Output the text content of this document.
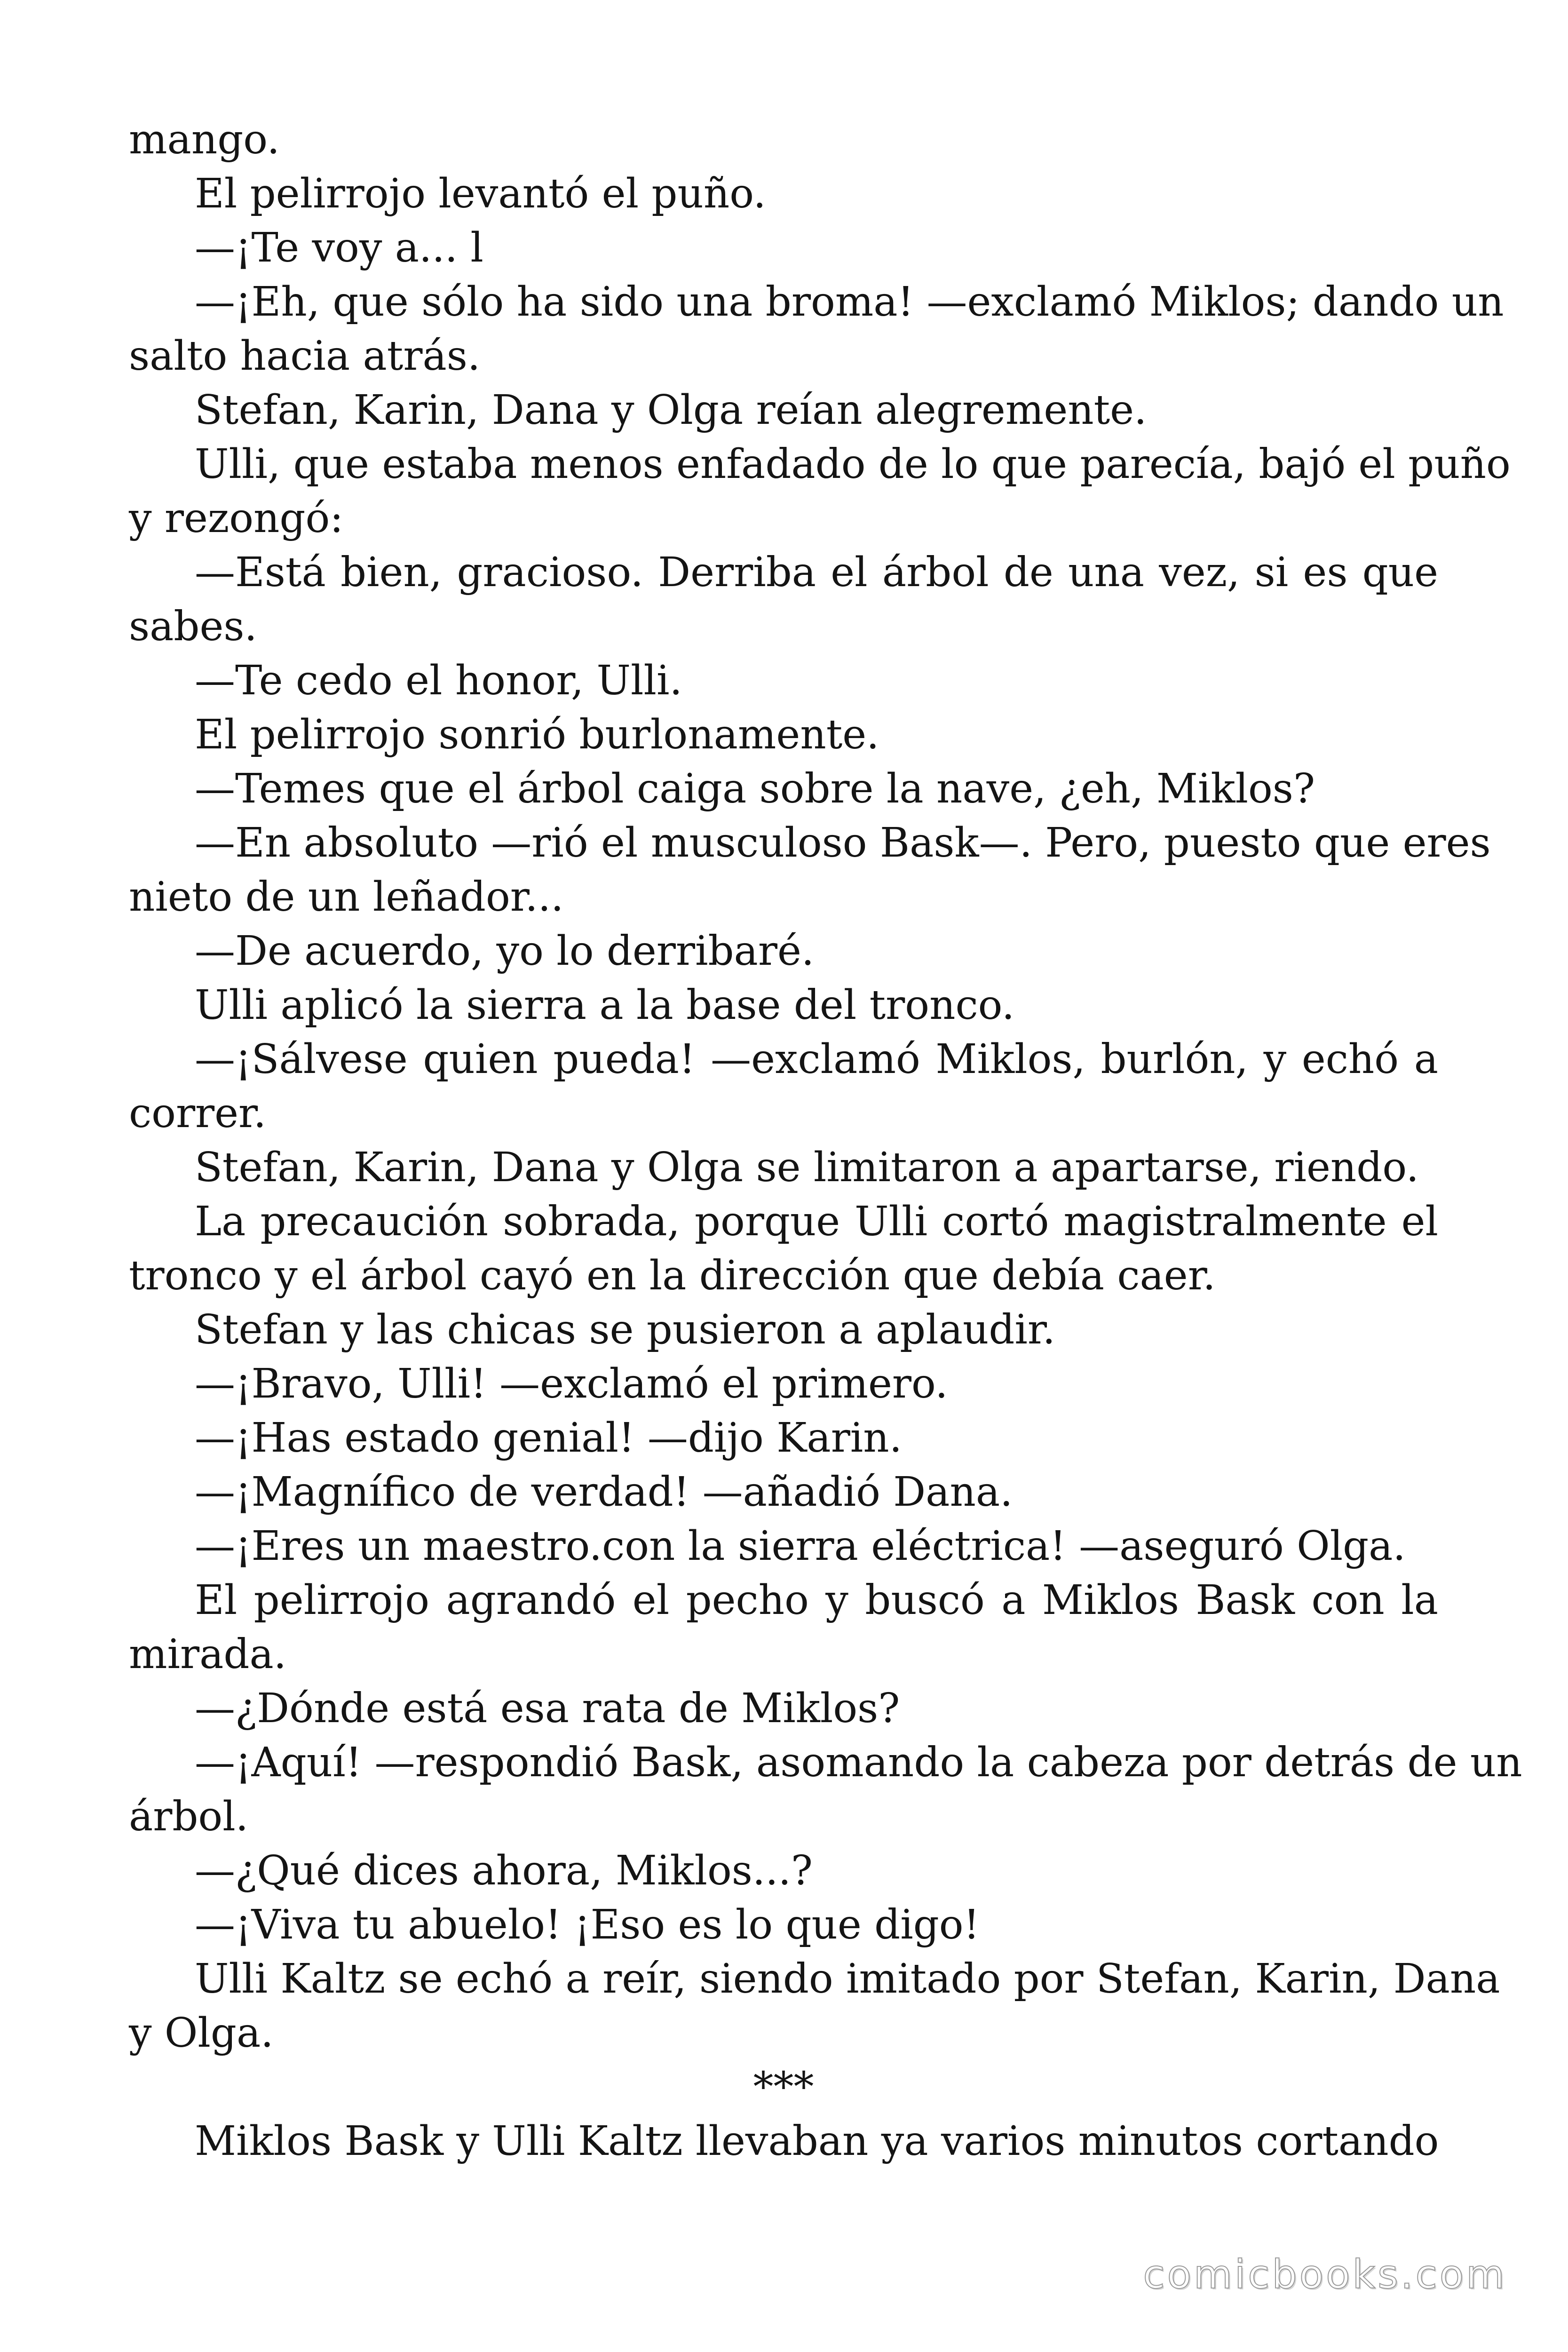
mango.
El pelirrojo levantó el puño.
—¡Te voy a... l
—¡Eh, que sólo ha sido una broma! —exclamó Miklos; dando un
salto hacia atrás.
Stefan, Karin, Dana y Olga reían alegremente.
Ulli, que estaba menos enfadado de lo que parecía, bajó el puño
y rezongó:
—Está bien, gracioso. Derriba el árbol de una vez, si es que
sabes.
—Te cedo el honor, Ulli.
El pelirrojo sonrió burlonamente.
—Temes que el árbol caiga sobre la nave, ¿eh, Miklos?
—En absoluto —rió el musculoso Bask—. Pero, puesto que eres
nieto de un leñador...
—De acuerdo, yo lo derribaré.
Ulli aplicó la sierra a la base del tronco.
—¡Sálvese quien pueda! —exclamó Miklos, burlón, y echó a
correr.
Stefan, Karin, Dana y Olga se limitaron a apartarse, riendo.
La precaución sobrada, porque Ulli cortó magistralmente el
tronco y el árbol cayó en la dirección que debía caer.
Stefan y las chicas se pusieron a aplaudir.
—¡Bravo, Ulli! —exclamó el primero.
—¡Has estado genial! —dijo Karin.
—¡Magnífico de verdad! —añadió Dana.
—¡Eres un maestro.con la sierra eléctrica! —aseguró Olga.
El pelirrojo agrandó el pecho y buscó a Miklos Bask con la
mirada.
—¿Dónde está esa rata de Miklos?
—¡Aquí! —respondió Bask, asomando la cabeza por detrás de un
árbol.
—¿Qué dices ahora, Miklos...?
—¡Viva tu abuelo! ¡Eso es lo que digo!
Ulli Kaltz se echó a reír, siendo imitado por Stefan, Karin, Dana
y Olga.
***
Miklos Bask y Ulli Kaltz llevaban ya varios minutos cortando
comicbooks.com
